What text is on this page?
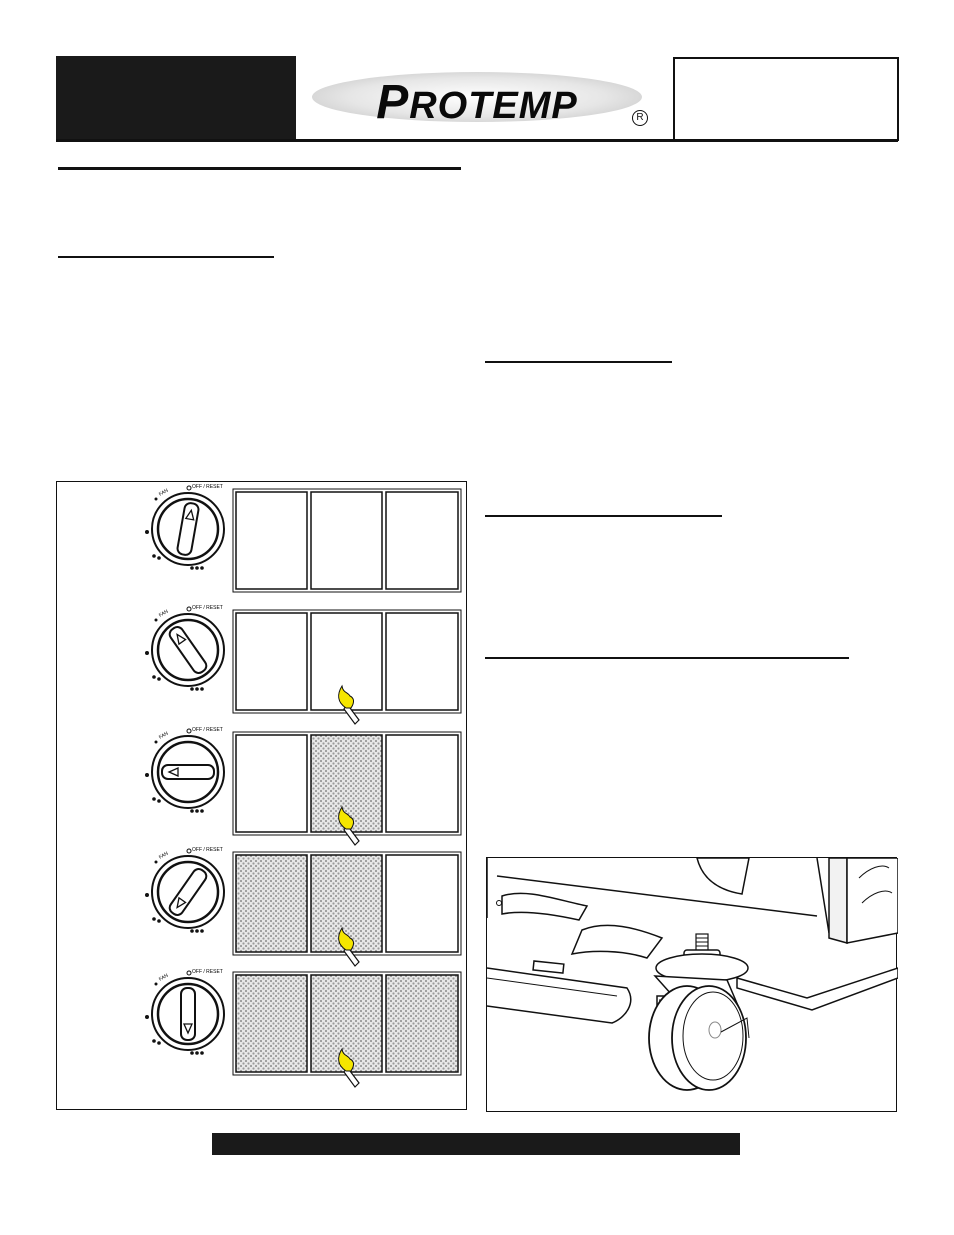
PROTEMP	R
OFF / RESET
FAN
OFF / RESET
FAN
OFF / RESET
FAN
OFF / RESET
FAN
OFF / RESET
FAN
